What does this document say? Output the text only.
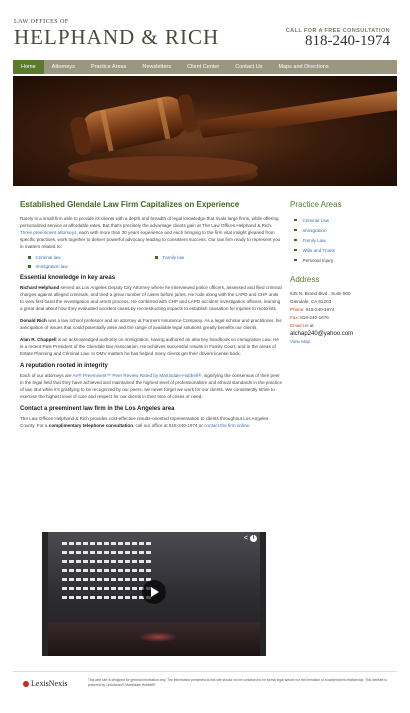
LAW OFFICES OF
HELPHAND & RICH	CALL FOR A FREE CONSULTATION
818-240-1974
Home	Attorneys	Practice Areas	Newsletters	Client Center	Contact Us	Maps and Directions
Established Glendale Law Firm Capitalizes on Experience

Rarely is a small firm able to provide its clients with a depth and breadth of legal knowledge that rivals large firms, while offering personalized service at affordable rates. But that's precisely the advantage clients gain at The Law Offices Helphand & Rich. Three preeminent attorneys, each with more than 30 years experience and each bringing to the firm vital insight gleaned from specific practices, work together to deliver powerful advocacy leading to consistent success. Our law firm ready to represent you in matters related to:

Criminal law	Family law
Immigration law
Essential knowledge in key areas

Richard Helphand served as Los Angeles Deputy City Attorney where he interviewed police officers, assessed and filed criminal charges against alleged criminals, and tried a great number of cases before juries. He rode along with the LAPD and CHP units to view first-hand the investigation and arrest process. He conferred with CHP and LAPD accident investigation officers, learning a great deal about how they evaluated accident cases by reconstructing impacts to establish causation for injuries to motorists.

Donald Rich was a law school professor and an attorney at Farmers Insurance Company. As a legal scholar and practitioner, his anticipation of issues that could potentially arise and the range of available legal solutions greatly benefits our clients.

Alan R. Chappell is an acknowledged authority on immigration, having authored an attorney handbook on immigration Law. He is a recent Past President of the Glendale Bar Association. He achieves successful results in Family Court, and in the areas of Estate Planning and Criminal Law. In DMV matters he has helped many clients get their drivers license back.

A reputation rooted in integrity

Each of our attorneys are AV® Preeminent™ Peer Review Rated by Martindale-Hubbell®, signifying the consensus of their peer in the legal field that they have achieved and maintained the highest level of professionalism and ethical standards in the practice of law. But while it's gratifying to be recognized by our peers, we never forget we work for our clients. We consistently strive to exercise the highest level of care and respect for our clients in their time of crises or need.

Contact a preeminent law firm in the Los Angeles area

The Law Offices Helphand & Rich provides cost-effective results-oriented representation to clients throughout Los Angeles County. For a complimentary telephone consultation, call our office at 818-240-1974 or contact the firm online.

< i
Practice Areas
Criminal Law
Immigration
Family Law
Wills and Trusts
Personal Injury
Address
535 N. Brand Blvd., Suite 500
Glendale, CA 91203
Phone: 818-240-1974
Fax: 818-240-1676
Email Us at
alchap240@yahoo.com
View Map
LexisNexis	This web site is designed for general information only. The information presented at this site should not be construed to be formal legal advice nor the formation of a lawyer/client relationship. This website is powered by LexisNexis® Martindale-Hubbell®
